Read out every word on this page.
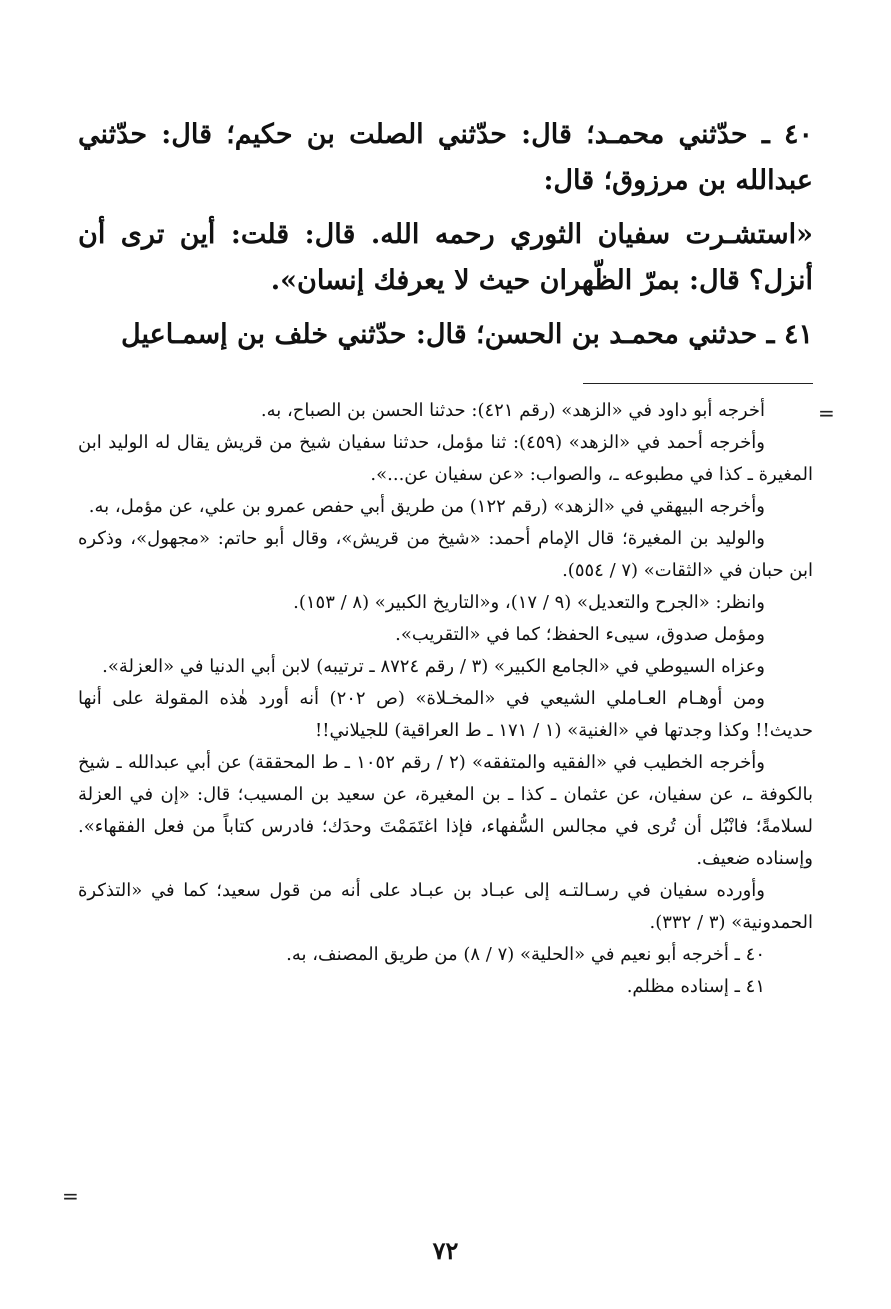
٤٠ ـ حدّثني محمـد؛ قال: حدّثني الصلت بن حكيم؛ قال: حدّثني عبدالله بن مرزوق؛ قال:

«استشـرت سفيان الثوري رحمه الله. قال: قلت: أين ترى أن أنزل؟ قال: بمرّ الظّهران حيث لا يعرفك إنسان».

٤١ ـ حدثني محمـد بن الحسن؛ قال: حدّثني خلف بن إسمـاعيل

=

أخرجه أبو داود في «الزهد» (رقم ٤٢١): حدثنا الحسن بن الصباح، به.

وأخرجه أحمد في «الزهد» (٤٥٩): ثنا مؤمل، حدثنا سفيان شيخ من قريش يقال له الوليد ابن المغيرة ـ كذا في مطبوعه ـ، والصواب: «عن سفيان عن...».

وأخرجه البيهقي في «الزهد» (رقم ١٢٢) من طريق أبي حفص عمرو بن علي، عن مؤمل، به.

والوليد بن المغيرة؛ قال الإمام أحمد: «شيخ من قريش»، وقال أبو حاتم: «مجهول»، وذكره ابن حبان في «الثقات» (٧ / ٥٥٤).

وانظر: «الجرح والتعديل» (٩ / ١٧)، و«التاريخ الكبير» (٨ / ١٥٣).

ومؤمل صدوق، سيىء الحفظ؛ كما في «التقريب».

وعزاه السيوطي في «الجامع الكبير» (٣ / رقم ٨٧٢٤ ـ ترتيبه) لابن أبي الدنيا في «العزلة».

ومن أوهـام العـاملي الشيعي في «المخـلاة» (ص ٢٠٢) أنه أورد هٰذه المقولة على أنها حديث!! وكذا وجدتها في «الغنية» (١ / ١٧١ ـ ط العراقية) للجيلاني!!

وأخرجه الخطيب في «الفقيه والمتفقه» (٢ / رقم ١٠٥٢ ـ ط المحققة) عن أبي عبدالله ـ شيخ بالكوفة ـ، عن سفيان، عن عثمان ـ كذا ـ بن المغيرة، عن سعيد بن المسيب؛ قال: «إن في العزلة لسلامةً؛ فانْبُل أن تُرى في مجالس السُّفهاء، فإذا اغتَمَمْتَ وحدَك؛ فادرس كتاباً من فعل الفقهاء». وإسناده ضعيف.

وأورده سفيان في رسـالتـه إلى عبـاد بن عبـاد على أنه من قول سعيد؛ كما في «التذكرة الحمدونية» (٣ / ٣٣٢).

٤٠ ـ أخرجه أبو نعيم في «الحلية» (٧ / ٨) من طريق المصنف، به.

٤١ ـ إسناده مظلم.

=
٧٢
